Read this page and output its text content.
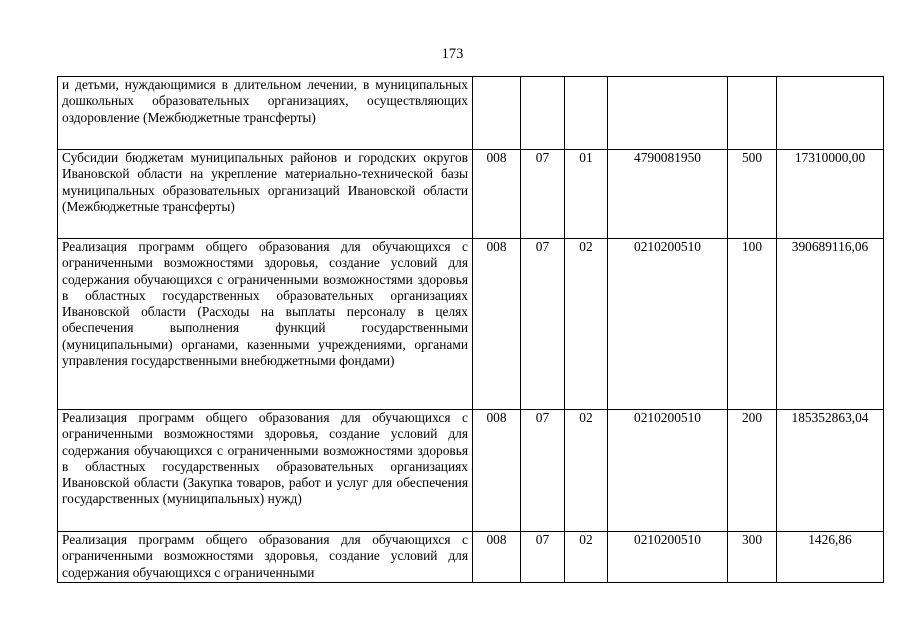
173
и детьми, нуждающимися в длительном лечении, в муниципальных дошкольных образовательных организациях, осуществляющих оздоровление (Межбюджетные трансферты)						
Субсидии бюджетам муниципальных районов и городских округов Ивановской области на укрепление материально-технической базы муниципальных образовательных организаций Ивановской области (Межбюджетные трансферты)	008	07	01	4790081950	500	17310000,00
Реализация программ общего образования для обучающихся с ограниченными возможностями здоровья, создание условий для содержания обучающихся с ограниченными возможностями здоровья в областных государственных образовательных организациях Ивановской области (Расходы на выплаты персоналу в целях обеспечения выполнения функций государственными (муниципальными) органами, казенными учреждениями, органами управления государственными внебюджетными фондами)	008	07	02	0210200510	100	390689116,06
Реализация программ общего образования для обучающихся с ограниченными возможностями здоровья, создание условий для содержания обучающихся с ограниченными возможностями здоровья в областных государственных образовательных организациях Ивановской области (Закупка товаров, работ и услуг для обеспечения государственных (муниципальных) нужд)	008	07	02	0210200510	200	185352863,04

Реализация программ общего образования для обучающихся с ограниченными возможностями здоровья, создание условий для содержания обучающихся с ограниченными	008	07	02	0210200510	300	1426,86
